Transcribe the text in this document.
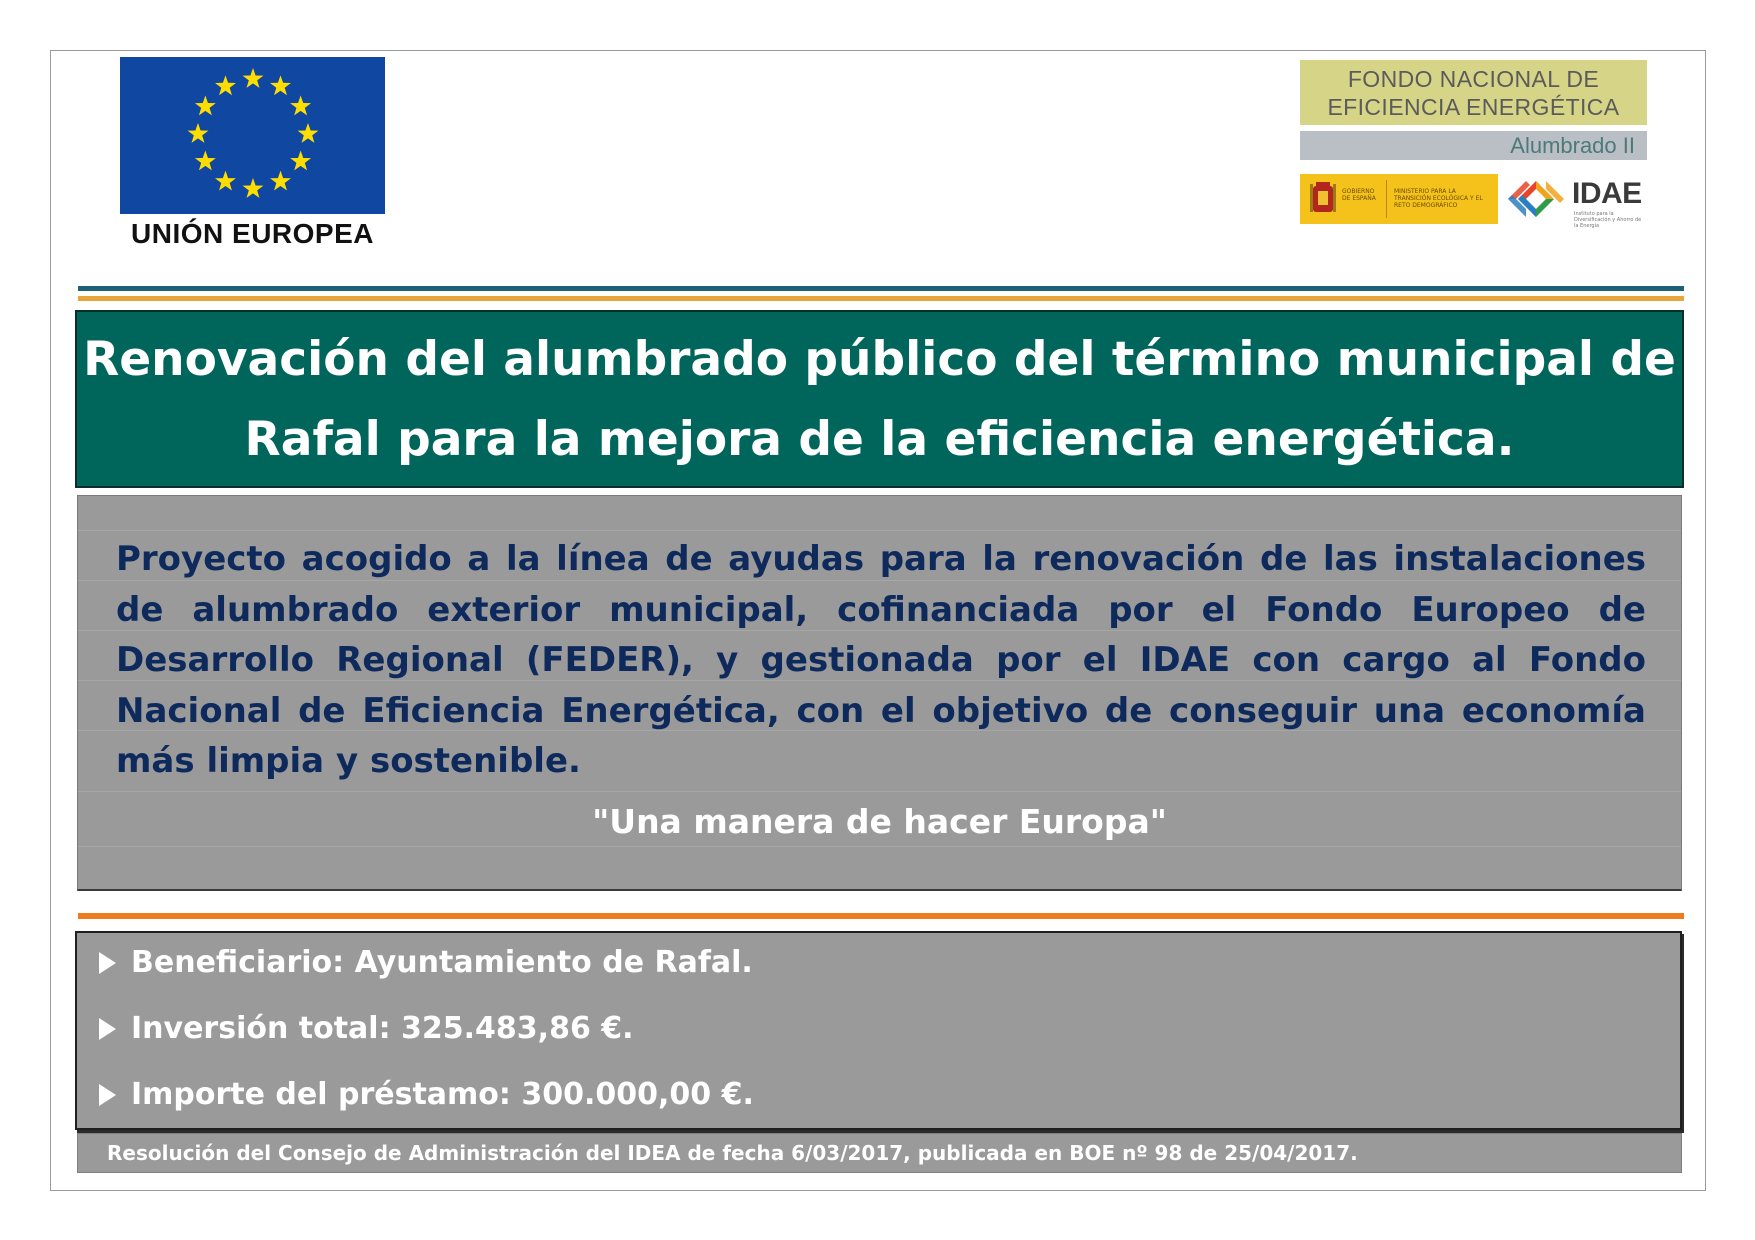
UNIÓN EUROPEA
FONDO NACIONAL DE
EFICIENCIA ENERGÉTICA
Alumbrado II
GOBIERNO DE ESPAÑA
MINISTERIO PARA LA TRANSICIÓN ECOLÓGICA Y EL RETO DEMOGRÁFICO	IDAE
Instituto para la Diversificación y Ahorro de la Energía
Renovación del alumbrado público del término municipal de
Rafal para la mejora de la eficiencia energética.

Proyecto acogido a la línea de ayudas para la renovación de las instalaciones de alumbrado exterior municipal, cofinanciada por el Fondo Europeo de Desarrollo Regional (FEDER), y gestionada por el IDAE con cargo al Fondo Nacional de Eficiencia Energética, con el objetivo de conseguir una economía más limpia y sostenible.

"Una manera de hacer Europa"
Beneficiario: Ayuntamiento de Rafal.
Inversión total: 325.483,86 €.
Importe del préstamo: 300.000,00 €.
Resolución del Consejo de Administración del IDEA de fecha 6/03/2017, publicada en BOE nº 98 de 25/04/2017.
